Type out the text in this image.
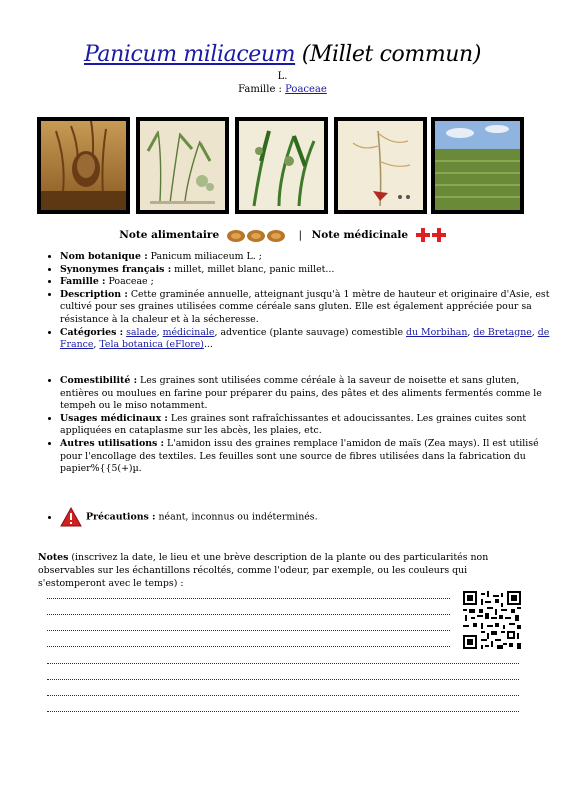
Panicum miliaceum (Millet commun)
L.
Famille : Poaceae
Note alimentaire	| Note médicinale
• Nom botanique : Panicum miliaceum L. ;
• Synonymes français : millet, millet blanc, panic millet...
• Famille : Poaceae ;
• Description : Cette graminée annuelle, atteignant jusqu'à 1 mètre de hauteur et originaire d'Asie, est cultivé pour ses graines utilisées comme céréale sans gluten. Elle est également appréciée pour sa résistance à la chaleur et à la sécheresse.
• Catégories : salade, médicinale, adventice (plante sauvage) comestible du Morbihan, de Bretagne, de France, Tela botanica (eFlore)...
• Comestibilité : Les graines sont utilisées comme céréale à la saveur de noisette et sans gluten, entières ou moulues en farine pour préparer du pains, des pâtes et des aliments fermentés comme le tempeh ou le miso notamment.
• Usages médicinaux : Les graines sont rafraîchissantes et adoucissantes. Les graines cuites sont appliquées en cataplasme sur les abcès, les plaies, etc.
• Autres utilisations : L'amidon issu des graines remplace l'amidon de maïs (Zea mays). Il est utilisé pour l'encollage des textiles. Les feuilles sont une source de fibres utilisées dans la fabrication du papier%{{5(+)µ.
• Précautions : néant, inconnus ou indéterminés.
Notes (inscrivez la date, le lieu et une brève description de la plante ou des particularités non observables sur les échantillons récoltés, comme l'odeur, par exemple, ou les couleurs qui s'estomperont avec le temps) :
